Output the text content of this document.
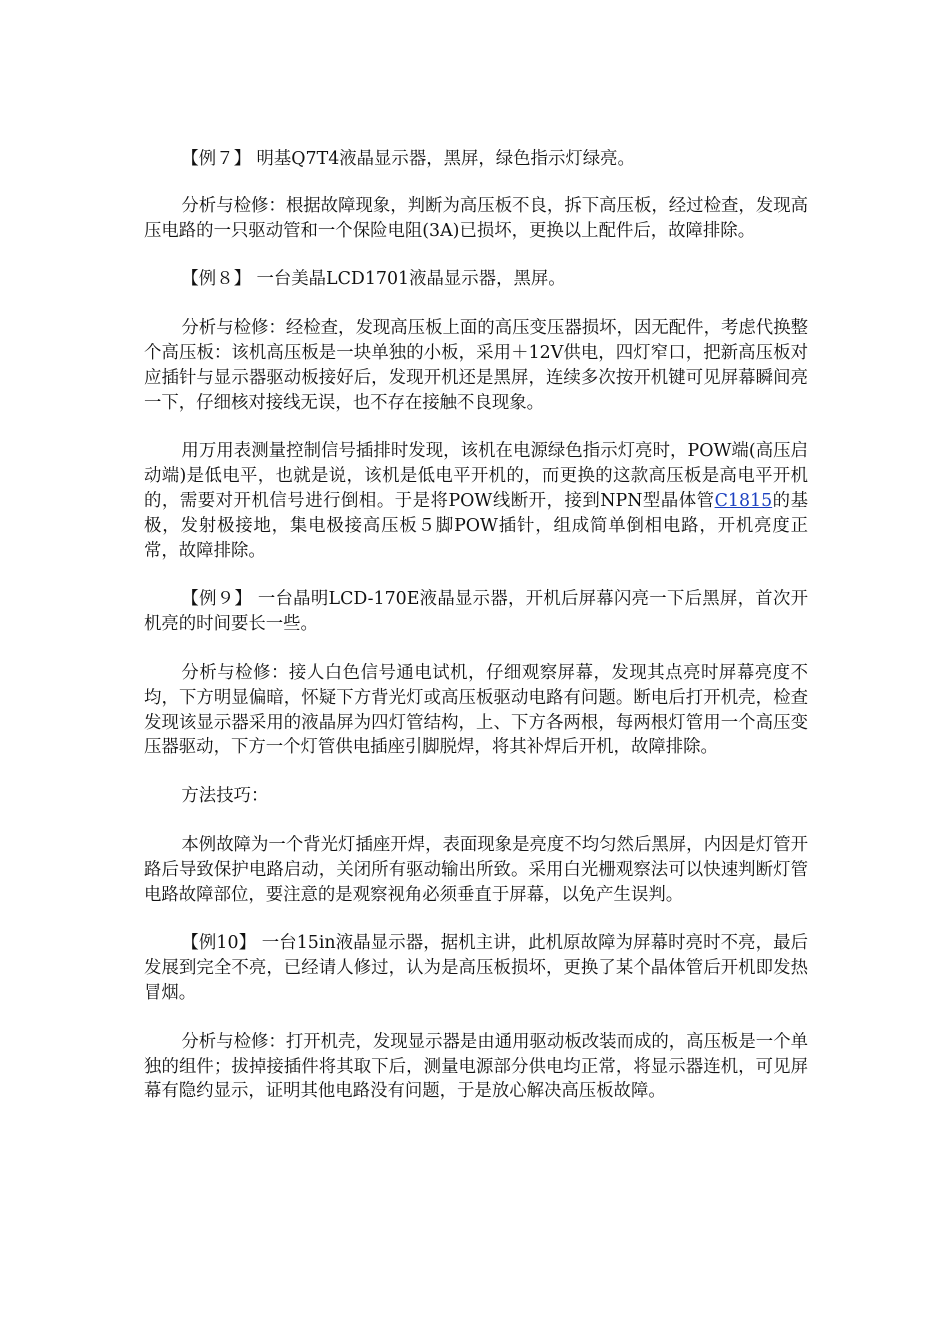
【例７】 明基Q7T4液晶显示器，黑屏，绿色指示灯绿亮。

分析与检修：根据故障现象，判断为高压板不良，拆下高压板，经过检查，发现高压电路的一只驱动管和一个保险电阻(3A)已损坏，更换以上配件后，故障排除。

【例８】 一台美晶LCD1701液晶显示器，黑屏。

分析与检修：经检查，发现高压板上面的高压变压器损坏，因无配件，考虑代换整个高压板：该机高压板是一块单独的小板，采用＋12V供电，四灯窄口，把新高压板对应插针与显示器驱动板接好后，发现开机还是黑屏，连续多次按开机键可见屏幕瞬间亮一下，仔细核对接线无误，也不存在接触不良现象。

用万用表测量控制信号插排时发现，该机在电源绿色指示灯亮时，POW端(高压启动端)是低电平，也就是说，该机是低电平开机的，而更换的这款高压板是高电平开机的，需要对开机信号进行倒相。于是将POW线断开，接到NPN型晶体管C1815的基极，发射极接地，集电极接高压板５脚POW插针，组成简单倒相电路，开机亮度正常，故障排除。

【例９】 一台晶明LCD-170E液晶显示器，开机后屏幕闪亮一下后黑屏，首次开机亮的时间要长一些。

分析与检修：接人白色信号通电试机，仔细观察屏幕，发现其点亮时屏幕亮度不均，下方明显偏暗，怀疑下方背光灯或高压板驱动电路有问题。断电后打开机壳，检查发现该显示器采用的液晶屏为四灯管结构，上、下方各两根，每两根灯管用一个高压变压器驱动，下方一个灯管供电插座引脚脱焊，将其补焊后开机，故障排除。

方法技巧：

本例故障为一个背光灯插座开焊，表面现象是亮度不均匀然后黑屏，内因是灯管开路后导致保护电路启动，关闭所有驱动输出所致。采用白光栅观察法可以快速判断灯管电路故障部位，要注意的是观察视角必须垂直于屏幕，以免产生误判。

【例10】 一台15in液晶显示器，据机主讲，此机原故障为屏幕时亮时不亮，最后发展到完全不亮，已经请人修过，认为是高压板损坏，更换了某个晶体管后开机即发热冒烟。

分析与检修：打开机壳，发现显示器是由通用驱动板改装而成的，高压板是一个单独的组件；拔掉接插件将其取下后，测量电源部分供电均正常，将显示器连机，可见屏幕有隐约显示，证明其他电路没有问题，于是放心解决高压板故障。
